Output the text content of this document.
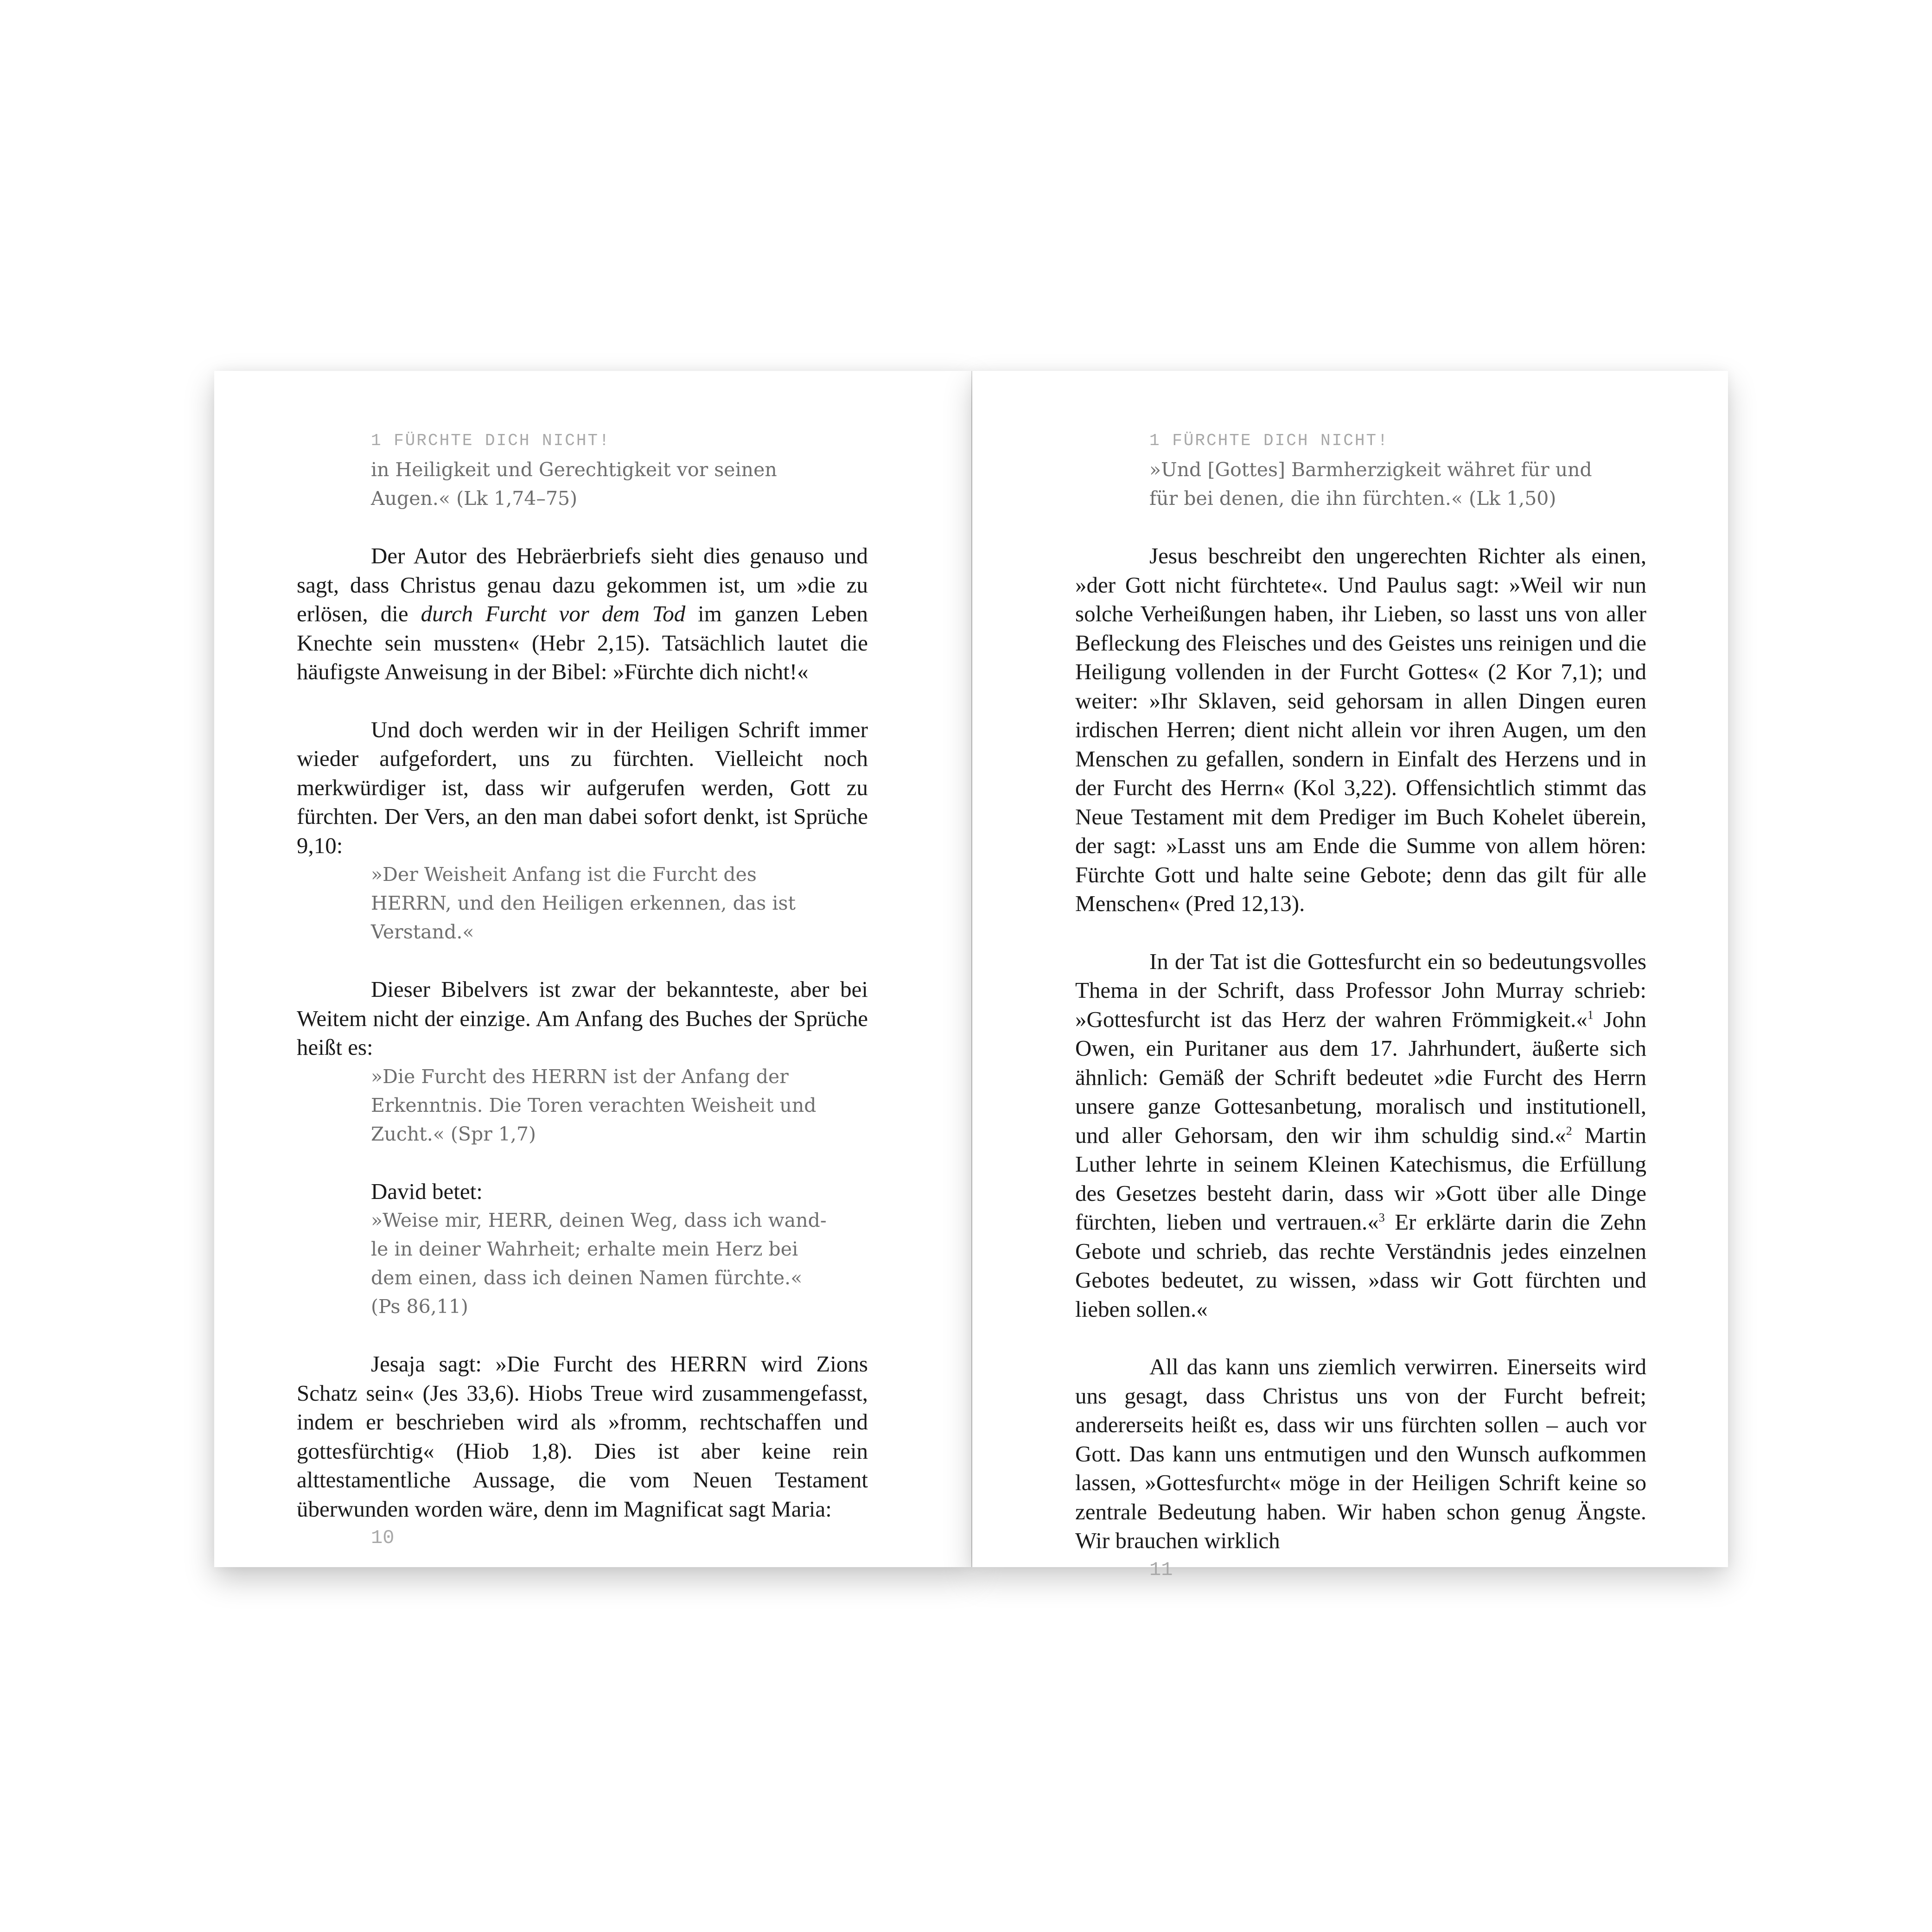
1 FÜRCHTE DICH NICHT!
in Heiligkeit und Gerechtigkeit vor seinen
Augen.« (Lk 1,74–75)

Der Autor des Hebräerbriefs sieht dies genauso und sagt, dass Christus genau dazu gekommen ist, um »die zu erlösen, die durch Furcht vor dem Tod im ganzen Leben Knechte sein mussten« (Hebr 2,15). Tatsächlich lautet die häufigste Anweisung in der Bibel: »Fürchte dich nicht!«

Und doch werden wir in der Heiligen Schrift immer wieder aufgefordert, uns zu fürchten. Vielleicht noch merkwürdiger ist, dass wir aufgerufen werden, Gott zu fürchten. Der Vers, an den man dabei sofort denkt, ist Sprüche 9,10:

»Der Weisheit Anfang ist die Furcht des
HERRN, und den Heiligen erkennen, das ist
Verstand.«

Dieser Bibelvers ist zwar der bekannteste, aber bei Weitem nicht der einzige. Am Anfang des Buches der Sprüche heißt es:

»Die Furcht des HERRN ist der Anfang der
Erkenntnis. Die Toren verachten Weisheit und
Zucht.« (Spr 1,7)
David betet:
»Weise mir, HERR, deinen Weg, dass ich wand-
le in deiner Wahrheit; erhalte mein Herz bei
dem einen, dass ich deinen Namen fürchte.«
(Ps 86,11)

Jesaja sagt: »Die Furcht des HERRN wird Zions Schatz sein« (Jes 33,6). Hiobs Treue wird zusammengefasst, indem er beschrieben wird als »fromm, rechtschaffen und gottesfürchtig« (Hiob 1,8). Dies ist aber keine rein alttestamentliche Aussage, die vom Neuen Testament überwunden worden wäre, denn im Magnificat sagt Maria:

10
1 FÜRCHTE DICH NICHT!
»Und [Gottes] Barmherzigkeit währet für und
für bei denen, die ihn fürchten.« (Lk 1,50)

Jesus beschreibt den ungerechten Richter als einen, »der Gott nicht fürchtete«. Und Paulus sagt: »Weil wir nun solche Verheißungen haben, ihr Lieben, so lasst uns von aller Befleckung des Fleisches und des Geistes uns reinigen und die Heiligung vollenden in der Furcht Gottes« (2 Kor 7,1); und weiter: »Ihr Sklaven, seid gehorsam in allen Dingen euren irdischen Herren; dient nicht allein vor ihren Augen, um den Menschen zu gefallen, sondern in Einfalt des Herzens und in der Furcht des Herrn« (Kol 3,22). Offensichtlich stimmt das Neue Testament mit dem Prediger im Buch Kohelet überein, der sagt: »Lasst uns am Ende die Summe von allem hören: Fürchte Gott und halte seine Gebote; denn das gilt für alle Menschen« (Pred 12,13).

In der Tat ist die Gottesfurcht ein so bedeutungsvolles Thema in der Schrift, dass Professor John Murray schrieb: »Gottesfurcht ist das Herz der wahren Frömmigkeit.«$^1$ John Owen, ein Puritaner aus dem 17. Jahrhundert, äußerte sich ähnlich: Gemäß der Schrift bedeutet »die Furcht des Herrn unsere ganze Gottesanbetung, moralisch und institutionell, und aller Gehorsam, den wir ihm schuldig sind.«$^2$ Martin Luther lehrte in seinem Kleinen Katechismus, die Erfüllung des Gesetzes besteht darin, dass wir »Gott über alle Dinge fürchten, lieben und vertrauen.«$^3$ Er erklärte darin die Zehn Gebote und schrieb, das rechte Verständnis jedes einzelnen Gebotes bedeutet, zu wissen, »dass wir Gott fürchten und lieben sollen.«

All das kann uns ziemlich verwirren. Einerseits wird uns gesagt, dass Christus uns von der Furcht befreit; andererseits heißt es, dass wir uns fürchten sollen – auch vor Gott. Das kann uns entmutigen und den Wunsch aufkommen lassen, »Gottesfurcht« möge in der Heiligen Schrift keine so zentrale Bedeutung haben. Wir haben schon genug Ängste. Wir brauchen wirklich

11
